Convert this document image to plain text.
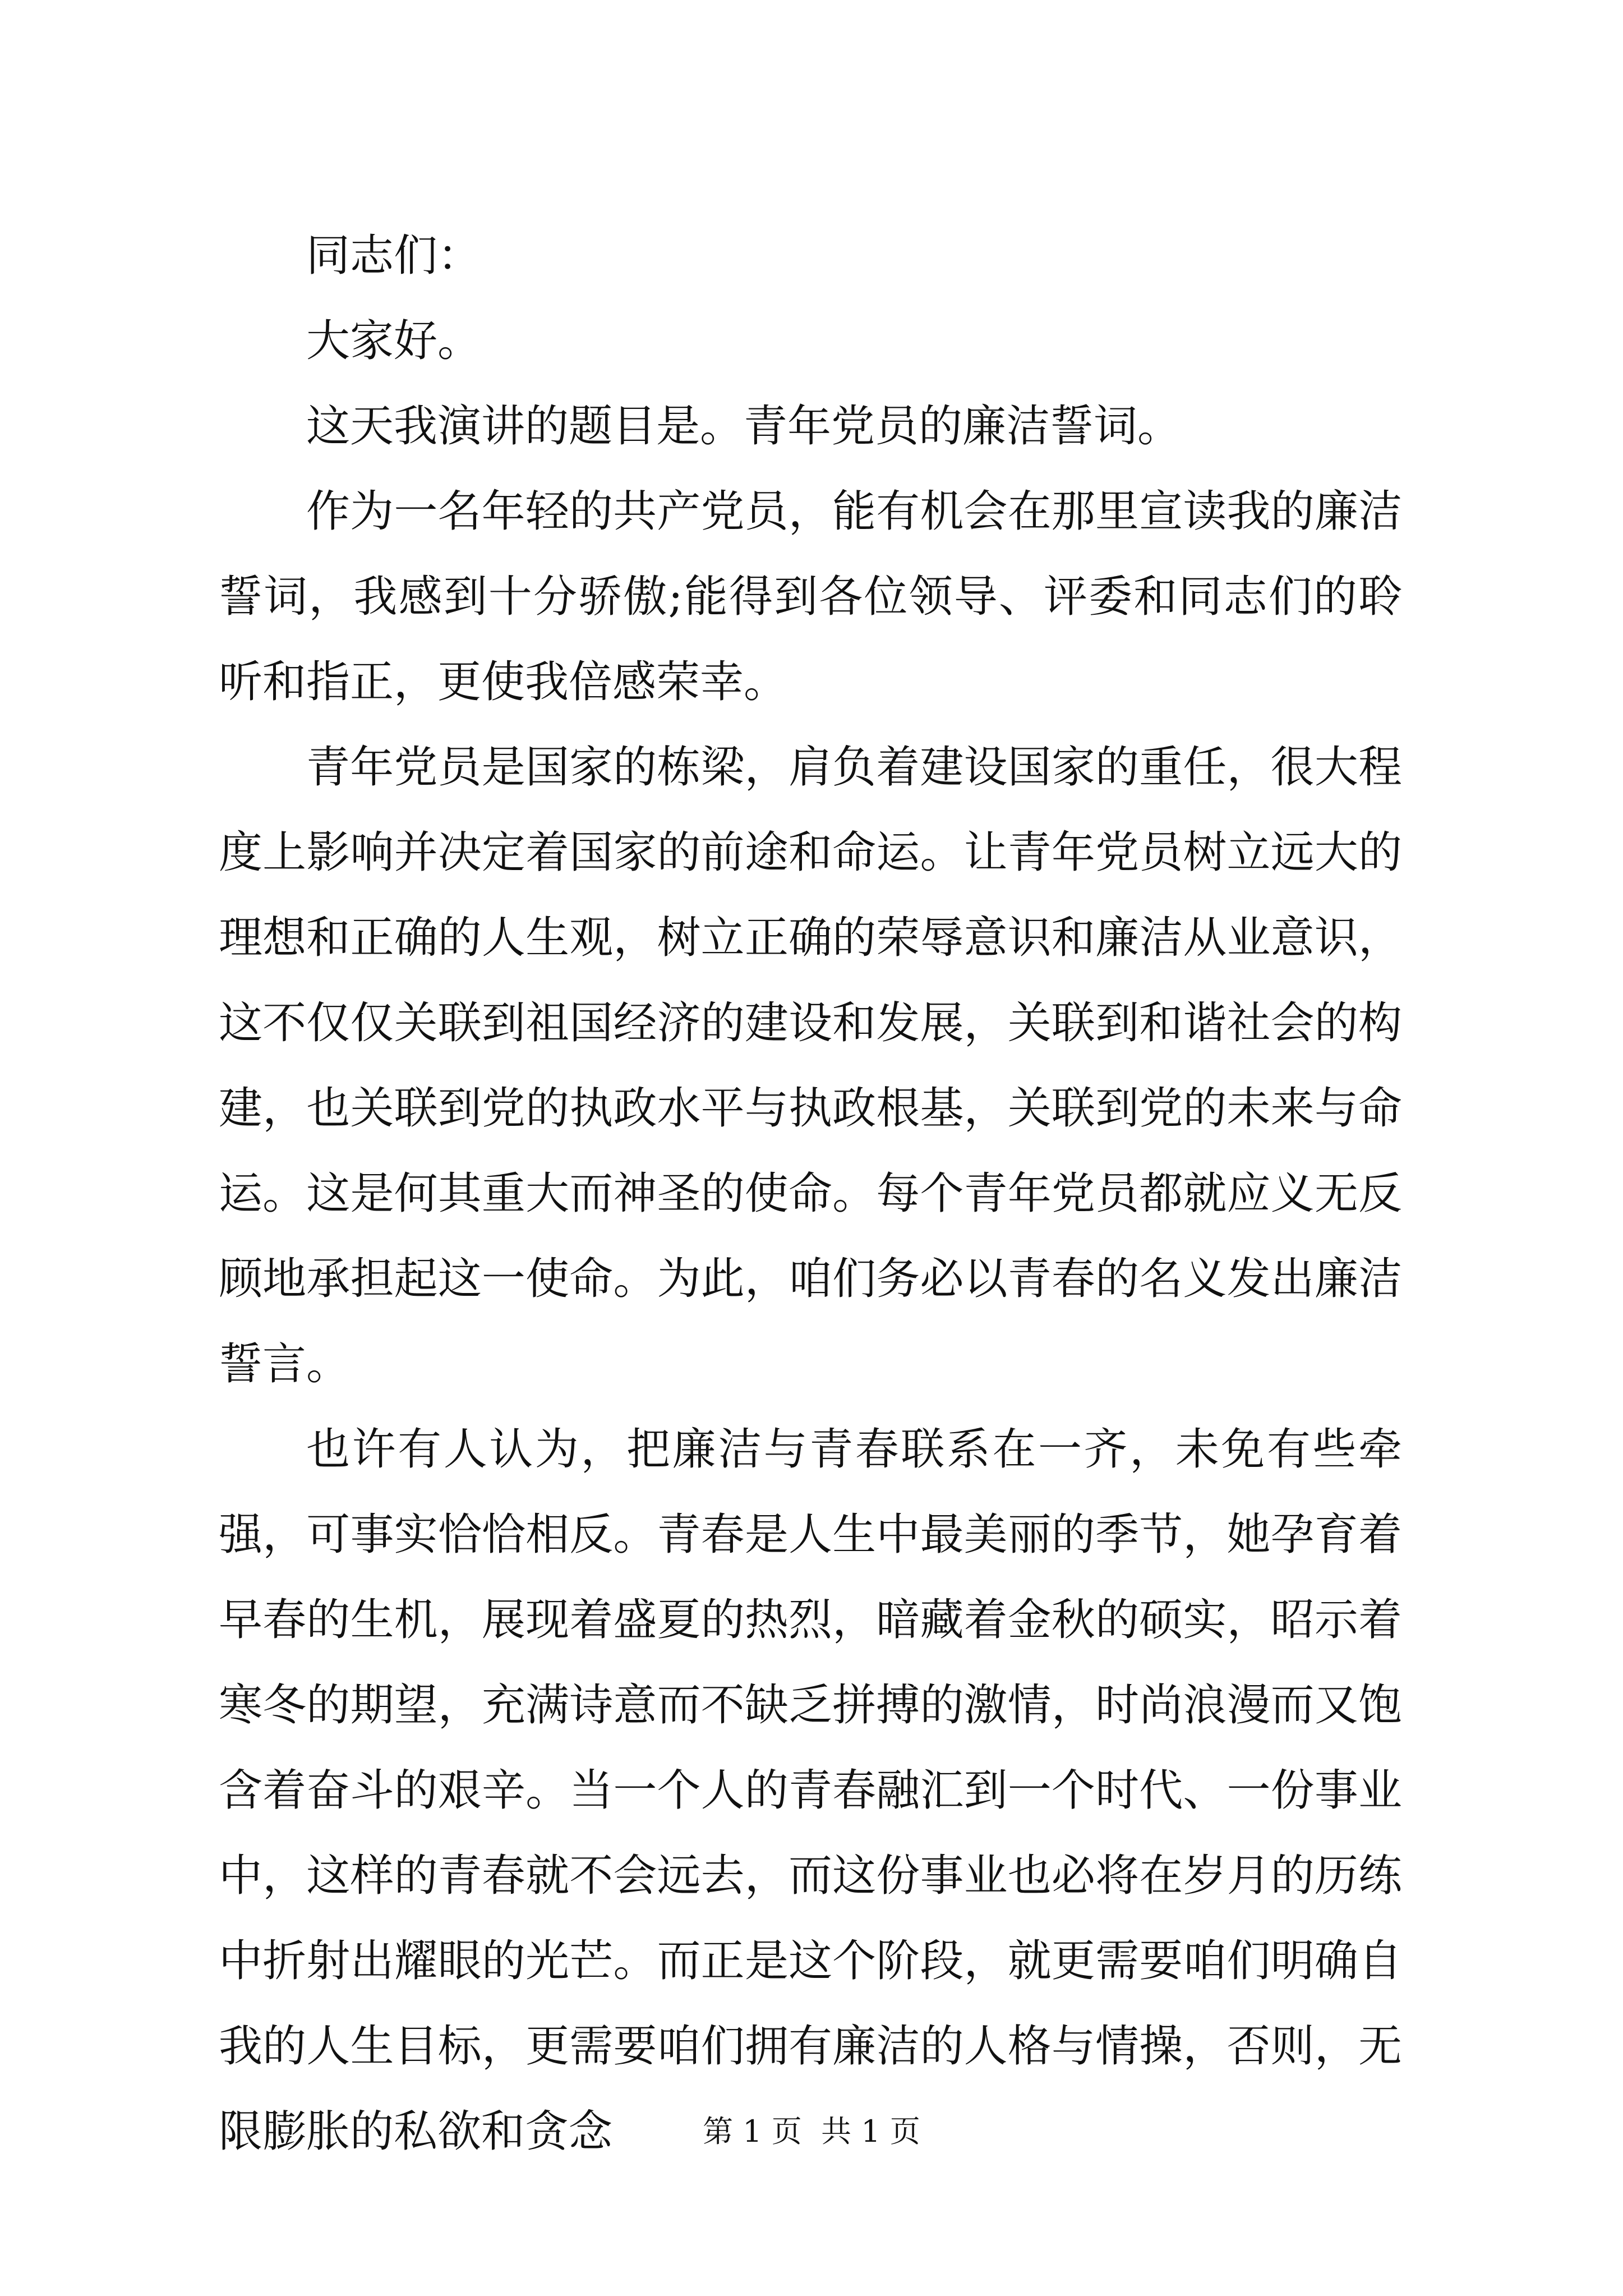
同志们：

大家好。

这天我演讲的题目是。青年党员的廉洁誓词。

作为一名年轻的共产党员，能有机会在那里宣读我的廉洁誓词，我感到十分骄傲;能得到各位领导、评委和同志们的聆听和指正，更使我倍感荣幸。

青年党员是国家的栋梁，肩负着建设国家的重任，很大程度上影响并决定着国家的前途和命运。让青年党员树立远大的理想和正确的人生观，树立正确的荣辱意识和廉洁从业意识，这不仅仅关联到祖国经济的建设和发展，关联到和谐社会的构建，也关联到党的执政水平与执政根基，关联到党的未来与命运。这是何其重大而神圣的使命。每个青年党员都就应义无反顾地承担起这一使命。为此，咱们务必以青春的名义发出廉洁誓言。

也许有人认为，把廉洁与青春联系在一齐，未免有些牵强，可事实恰恰相反。青春是人生中最美丽的季节，她孕育着早春的生机，展现着盛夏的热烈，暗藏着金秋的硕实，昭示着寒冬的期望，充满诗意而不缺乏拼搏的激情，时尚浪漫而又饱含着奋斗的艰辛。当一个人的青春融汇到一个时代、一份事业中，这样的青春就不会远去，而这份事业也必将在岁月的历练中折射出耀眼的光芒。而正是这个阶段，就更需要咱们明确自我的人生目标，更需要咱们拥有廉洁的人格与情操，否则，无限膨胀的私欲和贪念	第 1 页  共 1 页
